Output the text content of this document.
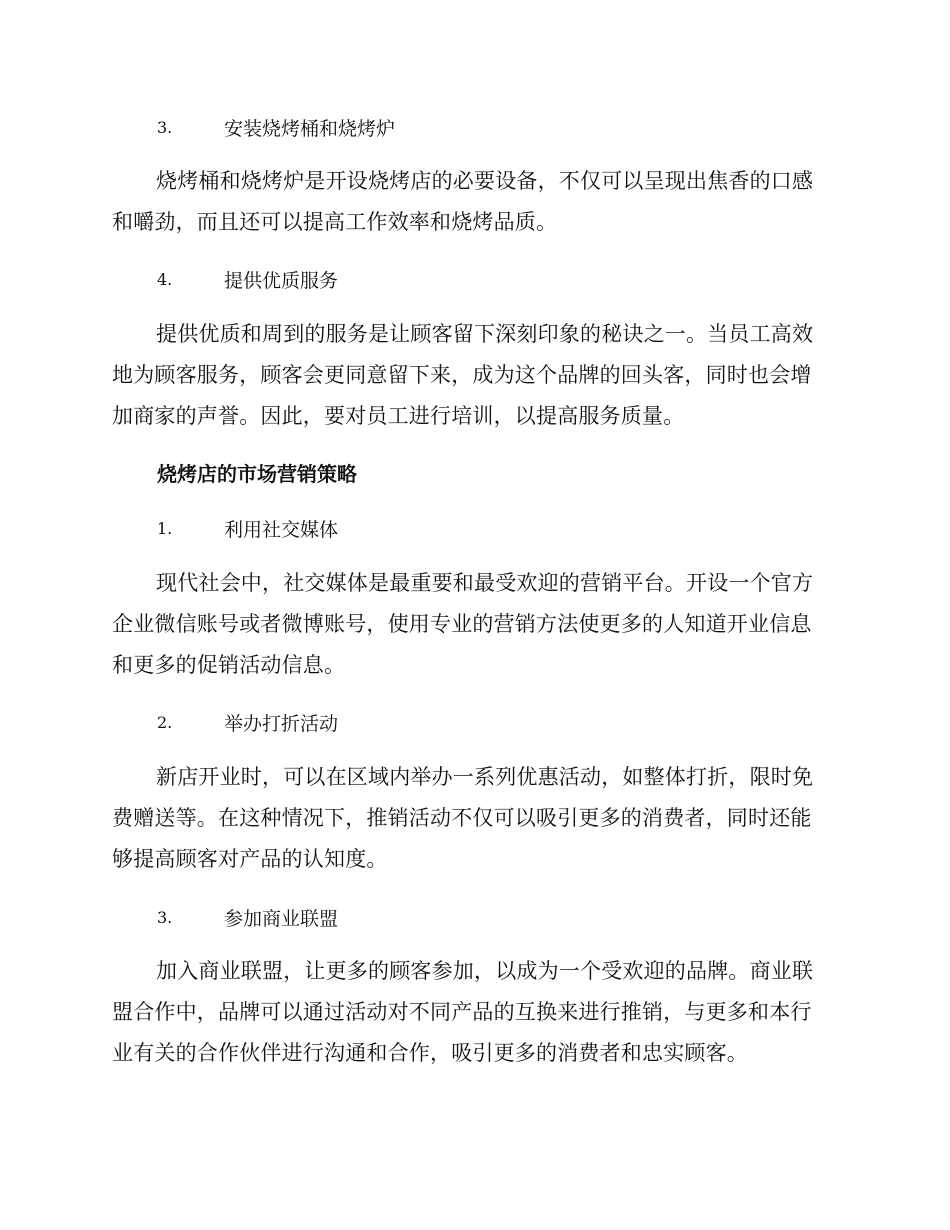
3.	安装烧烤桶和烧烤炉

烧烤桶和烧烤炉是开设烧烤店的必要设备，不仅可以呈现出焦香的口感和嚼劲，而且还可以提高工作效率和烧烤品质。

4.	提供优质服务

提供优质和周到的服务是让顾客留下深刻印象的秘诀之一。当员工高效地为顾客服务，顾客会更同意留下来，成为这个品牌的回头客，同时也会增加商家的声誉。因此，要对员工进行培训，以提高服务质量。

烧烤店的市场营销策略
1.	利用社交媒体

现代社会中，社交媒体是最重要和最受欢迎的营销平台。开设一个官方企业微信账号或者微博账号，使用专业的营销方法使更多的人知道开业信息和更多的促销活动信息。

2.	举办打折活动

新店开业时，可以在区域内举办一系列优惠活动，如整体打折，限时免费赠送等。在这种情况下，推销活动不仅可以吸引更多的消费者，同时还能够提高顾客对产品的认知度。

3.	参加商业联盟

加入商业联盟，让更多的顾客参加，以成为一个受欢迎的品牌。商业联盟合作中，品牌可以通过活动对不同产品的互换来进行推销，与更多和本行业有关的合作伙伴进行沟通和合作，吸引更多的消费者和忠实顾客。
